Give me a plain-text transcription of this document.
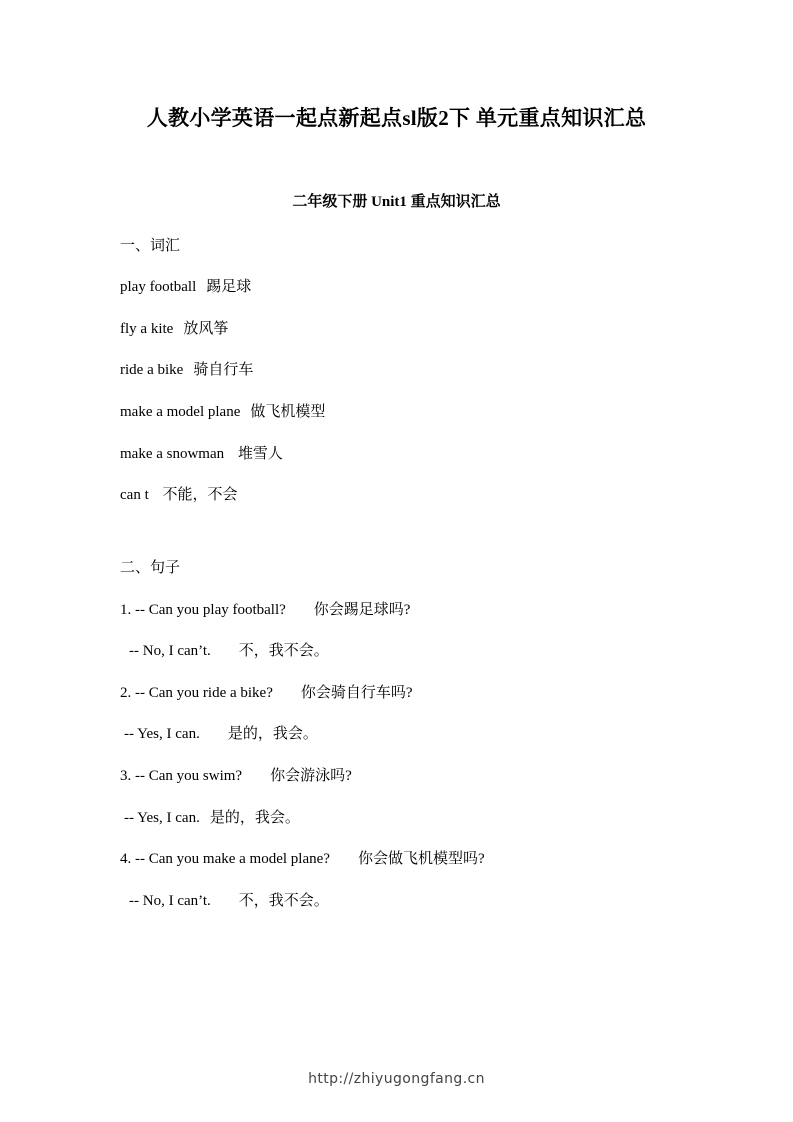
人教小学英语一起点新起点sl版2下 单元重点知识汇总
二年级下册 Unit1 重点知识汇总

一、词汇

play football 踢足球

fly a kite 放风筝

ride a bike 骑自行车

make a model plane 做飞机模型

make a snowman 堆雪人

can t 不能，不会

二、句子

1. -- Can you play football? 你会踢足球吗?

-- No, I can’t. 不，我不会。

2. -- Can you ride a bike? 你会骑自行车吗?

-- Yes, I can. 是的，我会。

3. -- Can you swim? 你会游泳吗?

-- Yes, I can. 是的，我会。

4. -- Can you make a model plane? 你会做飞机模型吗?

-- No, I can’t. 不，我不会。

http://zhiyugongfang.cn
